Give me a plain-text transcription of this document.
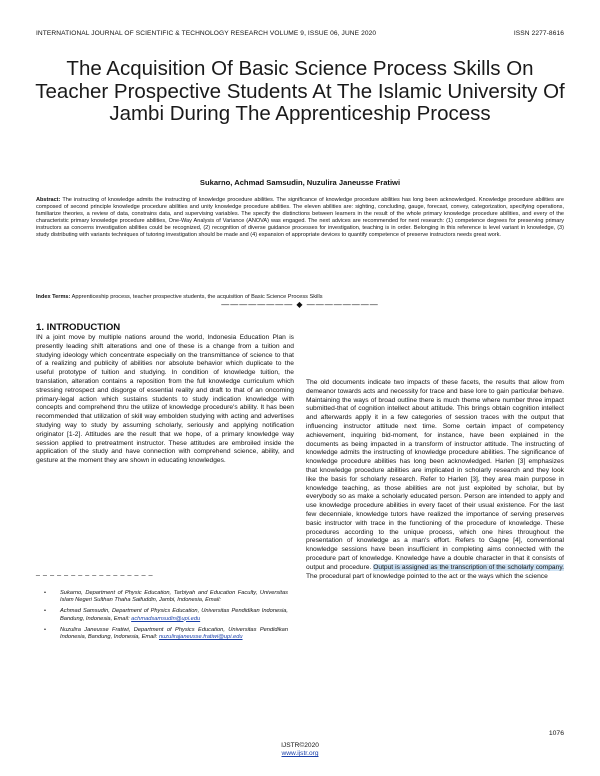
INTERNATIONAL JOURNAL OF SCIENTIFIC & TECHNOLOGY RESEARCH VOLUME 9, ISSUE 06, JUNE 2020	ISSN 2277-8616
The Acquisition Of Basic Science Process Skills On Teacher Prospective Students At The Islamic University Of Jambi During The Apprenticeship Process
Sukarno, Achmad Samsudin, Nuzulira Janeusse Fratiwi

Abstract: The instructing of knowledge admits the instructing of knowledge procedure abilities. The significance of knowledge procedure abilities has long been acknowledged. Knowledge procedure abilities are composed of second principle knowledge procedure abilities and unity knowledge procedure abilities. The eleven abilities are: sighting, concluding, gauge, forecast, convey, categorization, specifying operations, familiarize theories, a review of data, constrains data, and supervising variables. The specify the distinctions between learners in the result of the whole primary knowledge procedure abilities, and every of the characteristic primary knowledge procedure abilities, One-Way Analysis of Variance (ANOVA) was engaged. The next advices are recommended for next research: (1) competence degrees for preserving primary instructors as concerns investigation abilities could be recognized, (2) recognition of diverse guidance processes for investigation, teaching is in order. Belonging in this reference is level variant in knowledge, (3) study distributing with variants techniques of tutoring investigation should be made and (4) expansion of appropriate devices to quantify competence of preserve instructors needs great work.

Index Terms: Apprenticeship process, teacher prospective students, the acquisition of Basic Science Process Skills

———————— ◆ ————————
1. INTRODUCTION

IN a joint move by multiple nations around the world, Indonesia Education Plan is presently leading shift alterations and one of these is a change from a tuition and studying ideology which concentrate especially on the transmittance of science to that of a realizing and publicity of abilities nor absolute behavior which duplicate to the useful prototype of tuition and studying. In condition of knowledge tuition, the translation, alteration contains a reposition from the full knowledge curriculum which stressing retrospect and disgorge of essential reality and draft to that of an oncoming primary-legal action which sustains students to study indication knowledge with concepts and comprehend thru the utilize of knowledge procedure's ability. It has been recommended that utilization of skill way embolden studying with acting and advertises studying way to study by assuming scholarly, seriously and applying notification originator [1-2]. Attitudes are the result that we hope, of a primary knowledge way session applied to pretreatment instructor. These attitudes are embroiled inside the application of the study and have connection with comprehend science, ability, and gesture at the moment they are shown in educating knowledges.

The old documents indicate two impacts of these facets, the results that allow from demeanor towards acts and necessity for trace and base lore to gain particular behave. Maintaining the ways of broad outline there is much theme where number three impact submitted-that of cognition intellect about attitude. This brings obtain cognition intellect and afterwards apply it in a few categories of session traces with the output that influencing instructor attitude next time. Some certain impact of competency achievement, inquiring bid-moment, for instance, have been explained in the documents as being impacted in a transform of instructor attitude. The instructing of knowledge admits the instructing of knowledge procedure abilities. The significance of knowledge procedure abilities has long been acknowledged. Harlen [3] emphasizes that knowledge procedure abilities are implicated in scholarly research and they look like the basis for scholarly research. Refer to Harlen [3], they area main purpose in knowledge teaching, as those abilities are not just exploited by scholar, but by everybody so as make a scholarly educated person. Person are intended to apply and use knowledge procedure abilities in every facet of their usual existence. For the last few decenniale, knowledge tutors have realized the importance of serving preserves basic instructor with trace in the functioning of the procedure of knowledge. These procedures according to the unique process, which one hires throughout the presentation of knowledge as a man's effort. Refers to Gagne [4], conventional knowledge sessions have been insufficient in completing aims connected with the procedure part of knowledge. Knowledge have a double character in that it consists of output and procedure. Output is assigned as the transcription of the scholarly company. The procedural part of knowledge pointed to the act or the ways which the science

_ _ _ _ _ _ _ _ _ _ _ _ _ _ _ _ _
• Sukarno, Department of Physic Education, Tarbiyah and Education Faculty, Universitas Islam Negeri Sulthan Thaha Saifuddin, Jambi, Indonesia, Email:
• Achmad Samsudin, Department of Physics Education, Universitas Pendidikan Indonesia, Bandung, Indonesia, Email: achmadsamsudin@upi.edu
• Nuzulira Janeusse Fratiwi, Department of Physics Education, Universitas Pendidikan Indonesia, Bandung, Indonesia, Email: nuzulirajaneusse.fratiwi@upi.edu
1076
IJSTR©2020
www.ijstr.org
